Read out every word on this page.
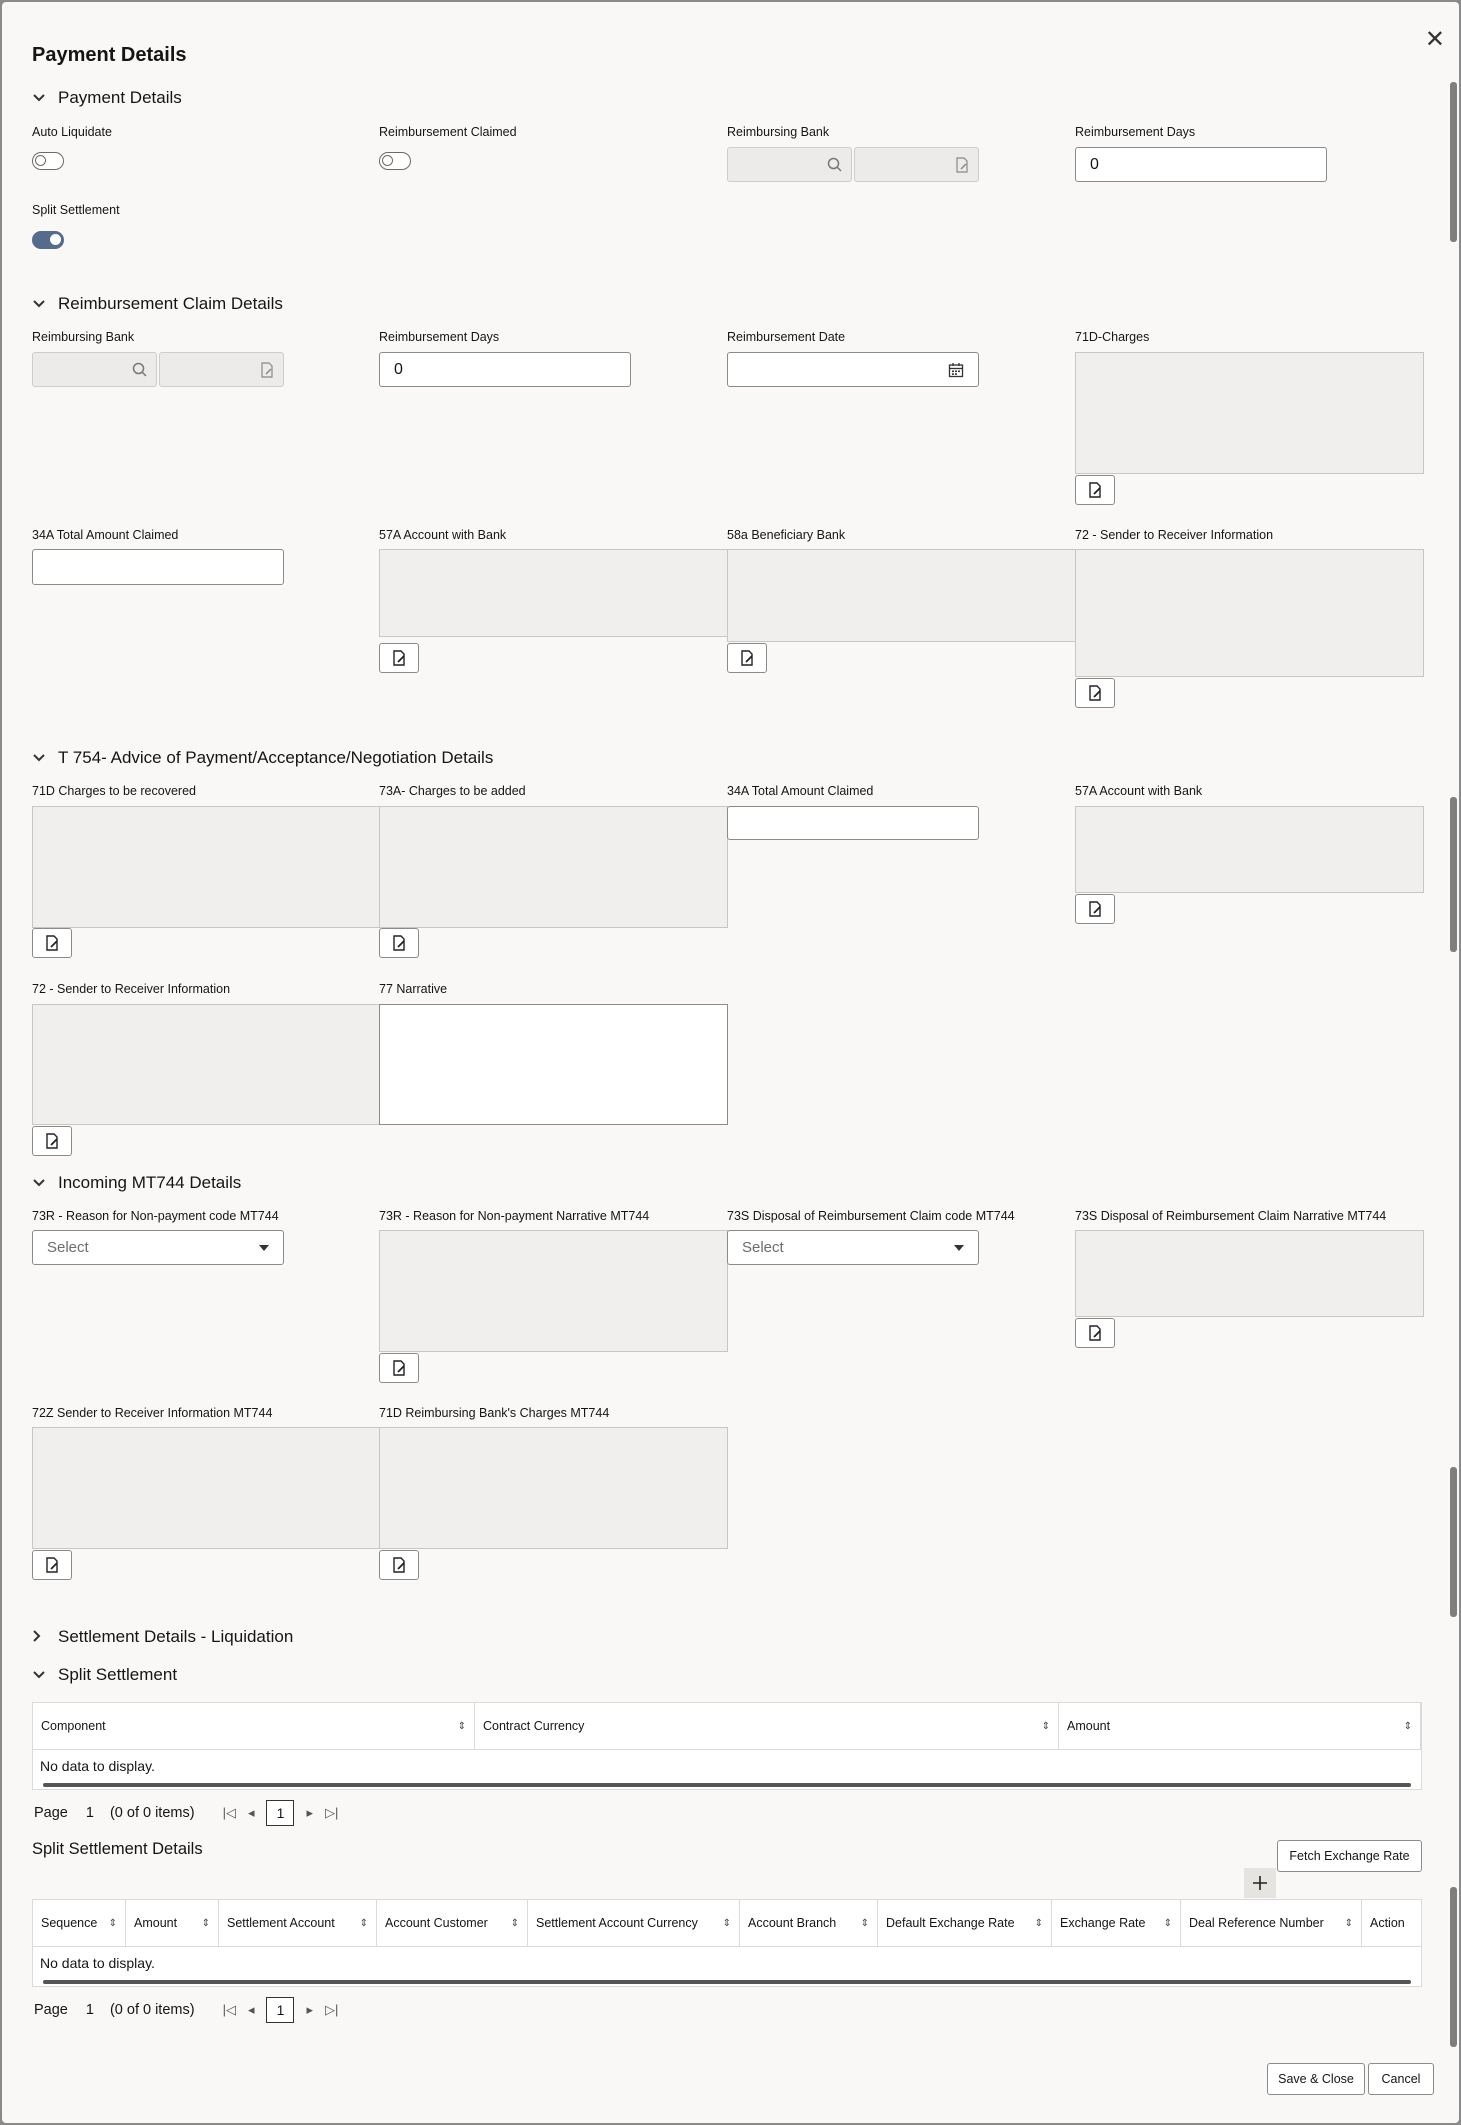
Payment Details
✕
Payment Details
Auto Liquidate	Reimbursement Claimed	Reimbursing Bank	Reimbursement Days
0
Split Settlement
Reimbursement Claim Details
Reimbursing Bank	Reimbursement Days
0
Reimbursement Date	71D-Charges
34A Total Amount Claimed	57A Account with Bank	58a Beneficiary Bank	72 - Sender to Receiver Information
T 754- Advice of Payment/Acceptance/Negotiation Details
71D Charges to be recovered	73A- Charges to be added	34A Total Amount Claimed	57A Account with Bank
72 - Sender to Receiver Information	77 Narrative
Incoming MT744 Details
73R - Reason for Non-payment code MT744
Select
73R - Reason for Non-payment Narrative MT744	73S Disposal of Reimbursement Claim code MT744
Select
73S Disposal of Reimbursement Claim Narrative MT744
72Z Sender to Receiver Information MT744	71D Reimbursing Bank's Charges MT744
Settlement Details - Liquidation
Split Settlement
Component	⇕ Contract Currency	⇕ Amount	⇕
No data to display.
Page 1 (0 of 0 items) |◁ ◂	1	▸ ▷|
Split Settlement Details	Fetch Exchange Rate
Sequence ⇕ Amount ⇕ Settlement Account ⇕ Account Customer ⇕ Settlement Account Currency ⇕ Account Branch ⇕ Default Exchange Rate ⇕ Exchange Rate ⇕ Deal Reference Number ⇕ Action
No data to display.
Page 1 (0 of 0 items) |◁ ◂	1	▸ ▷|
Save & Close	Cancel
